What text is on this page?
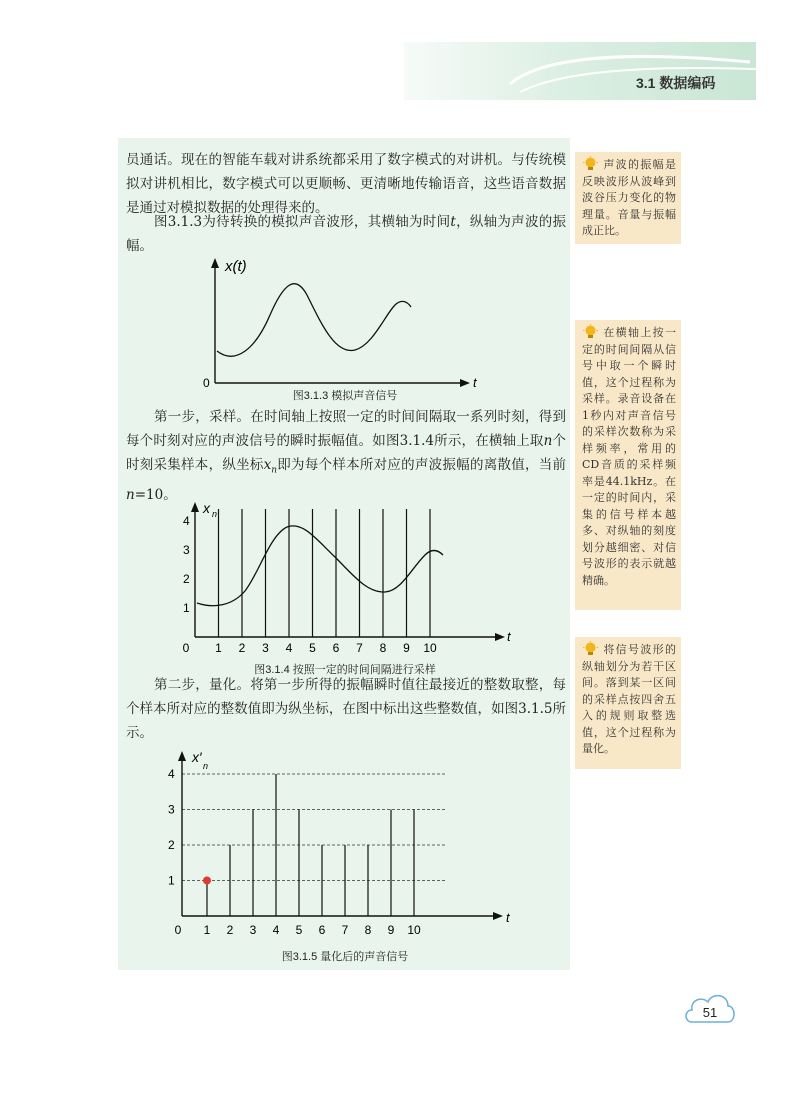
3.1 数据编码
员通话。现在的智能车载对讲系统都采用了数字模式的对讲机。与传统模拟对讲机相比，数字模式可以更顺畅、更清晰地传输语音，这些语音数据是通过对模拟数据的处理得来的。
图3.1.3为待转换的模拟声音波形，其横轴为时间t，纵轴为声波的振幅。
x(t)
0	t
图3.1.3 模拟声音信号
第一步，采样。在时间轴上按照一定的时间间隔取一系列时刻，得到每个时刻对应的声波信号的瞬时振幅值。如图3.1.4所示，在横轴上取n个时刻采集样本，纵坐标$x_n$即为每个样本所对应的声波振幅的离散值，当前n=10。
x n
t
0 1 2 3 4 5 6 7 8 9 10
1
2
3
4
图3.1.4 按照一定的时间间隔进行采样
第二步，量化。将第一步所得的振幅瞬时值往最接近的整数取整，每个样本所对应的整数值即为纵坐标，在图中标出这些整数值，如图3.1.5所示。
x′
n
t
0 1 2 3 4 5 6 7 8 9 10
1
2
3
4
图3.1.5 量化后的声音信号
声波的振幅是反映波形从波峰到波谷压力变化的物理量。音量与振幅成正比。
在横轴上按一定的时间间隔从信号中取一个瞬时值，这个过程称为采样。录音设备在1秒内对声音信号的采样次数称为采样频率，常用的CD音质的采样频率是44.1kHz。在一定的时间内，采集的信号样本越多、对纵轴的刻度划分越细密、对信号波形的表示就越精确。
将信号波形的纵轴划分为若干区间。落到某一区间的采样点按四舍五入的规则取整选值，这个过程称为量化。
51
